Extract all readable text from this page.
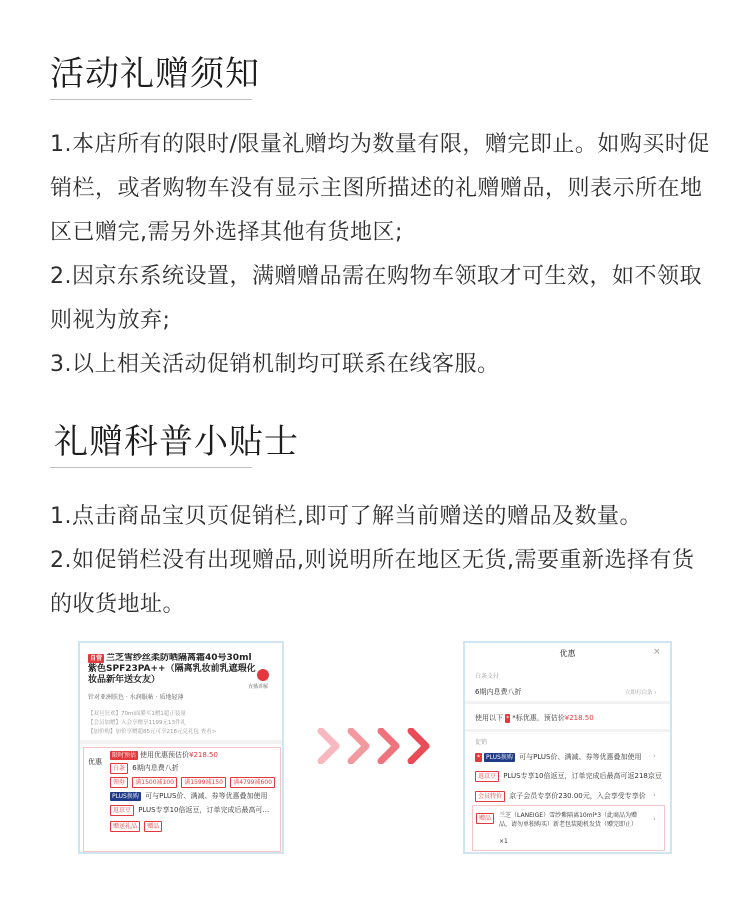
活动礼赠须知

1.本店所有的限时/限量礼赠均为数量有限，赠完即止。如购买时促销栏，或者购物车没有显示主图所描述的礼赠赠品，则表示所在地区已赠完,需另外选择其他有货地区;
2.因京东系统设置，满赠赠品需在购物车领取才可生效，如不领取则视为放弃;
3.以上相关活动促销机制均可联系在线客服。

礼赠科普小贴士

1.点击商品宝贝页促销栏,即可了解当前赠送的赠品及数量。
2.如促销栏没有出现赠品,则说明所在地区无货,需要重新选择有货的收货地址。

自营 兰芝雪纱丝柔防晒隔离霜40号30ml紫色SPF23PA++（隔离乳妆前乳遮瑕化妆品新年送女友）
直播讲解
针对亚洲肤色 · 水润服帖 · 质地轻薄
【双旦狂欢】70ml面膜买1赠1超正装量
【会员加赠】入会享赠享1199元13件礼
【加价购】加价享赠超85元可享218元兑礼包 查看>
优惠
限时预估 使用优惠预估价¥218.50
白条 6期内息费八折
领券 满1500减100 满1599减150 满4799减600
PLUS换购 可与PLUS价、满减、券等优惠叠加使用
返京豆 PLUS专享10倍返豆，订单完成后最高可...
赠送礼品 赠品
优惠	×
白条支付
6期内息费八折	立即打白条 ›
使用以下 * *标优惠，预估价¥218.50
促销
* PLUS换购 可与PLUS价、满减、券等优惠叠加使用 ›
返京豆 PLUS专享10倍返豆，订单完成后最高可返218京豆
会员特价 京子会员专享价230.00元，入会享受专享价 ›
赠品	兰芝（LANEIGE）雪纱紫隔离10ml*3（此商品为赠品，请勿单独购买）新老包装随机发货（赠完即止）
›
×1
